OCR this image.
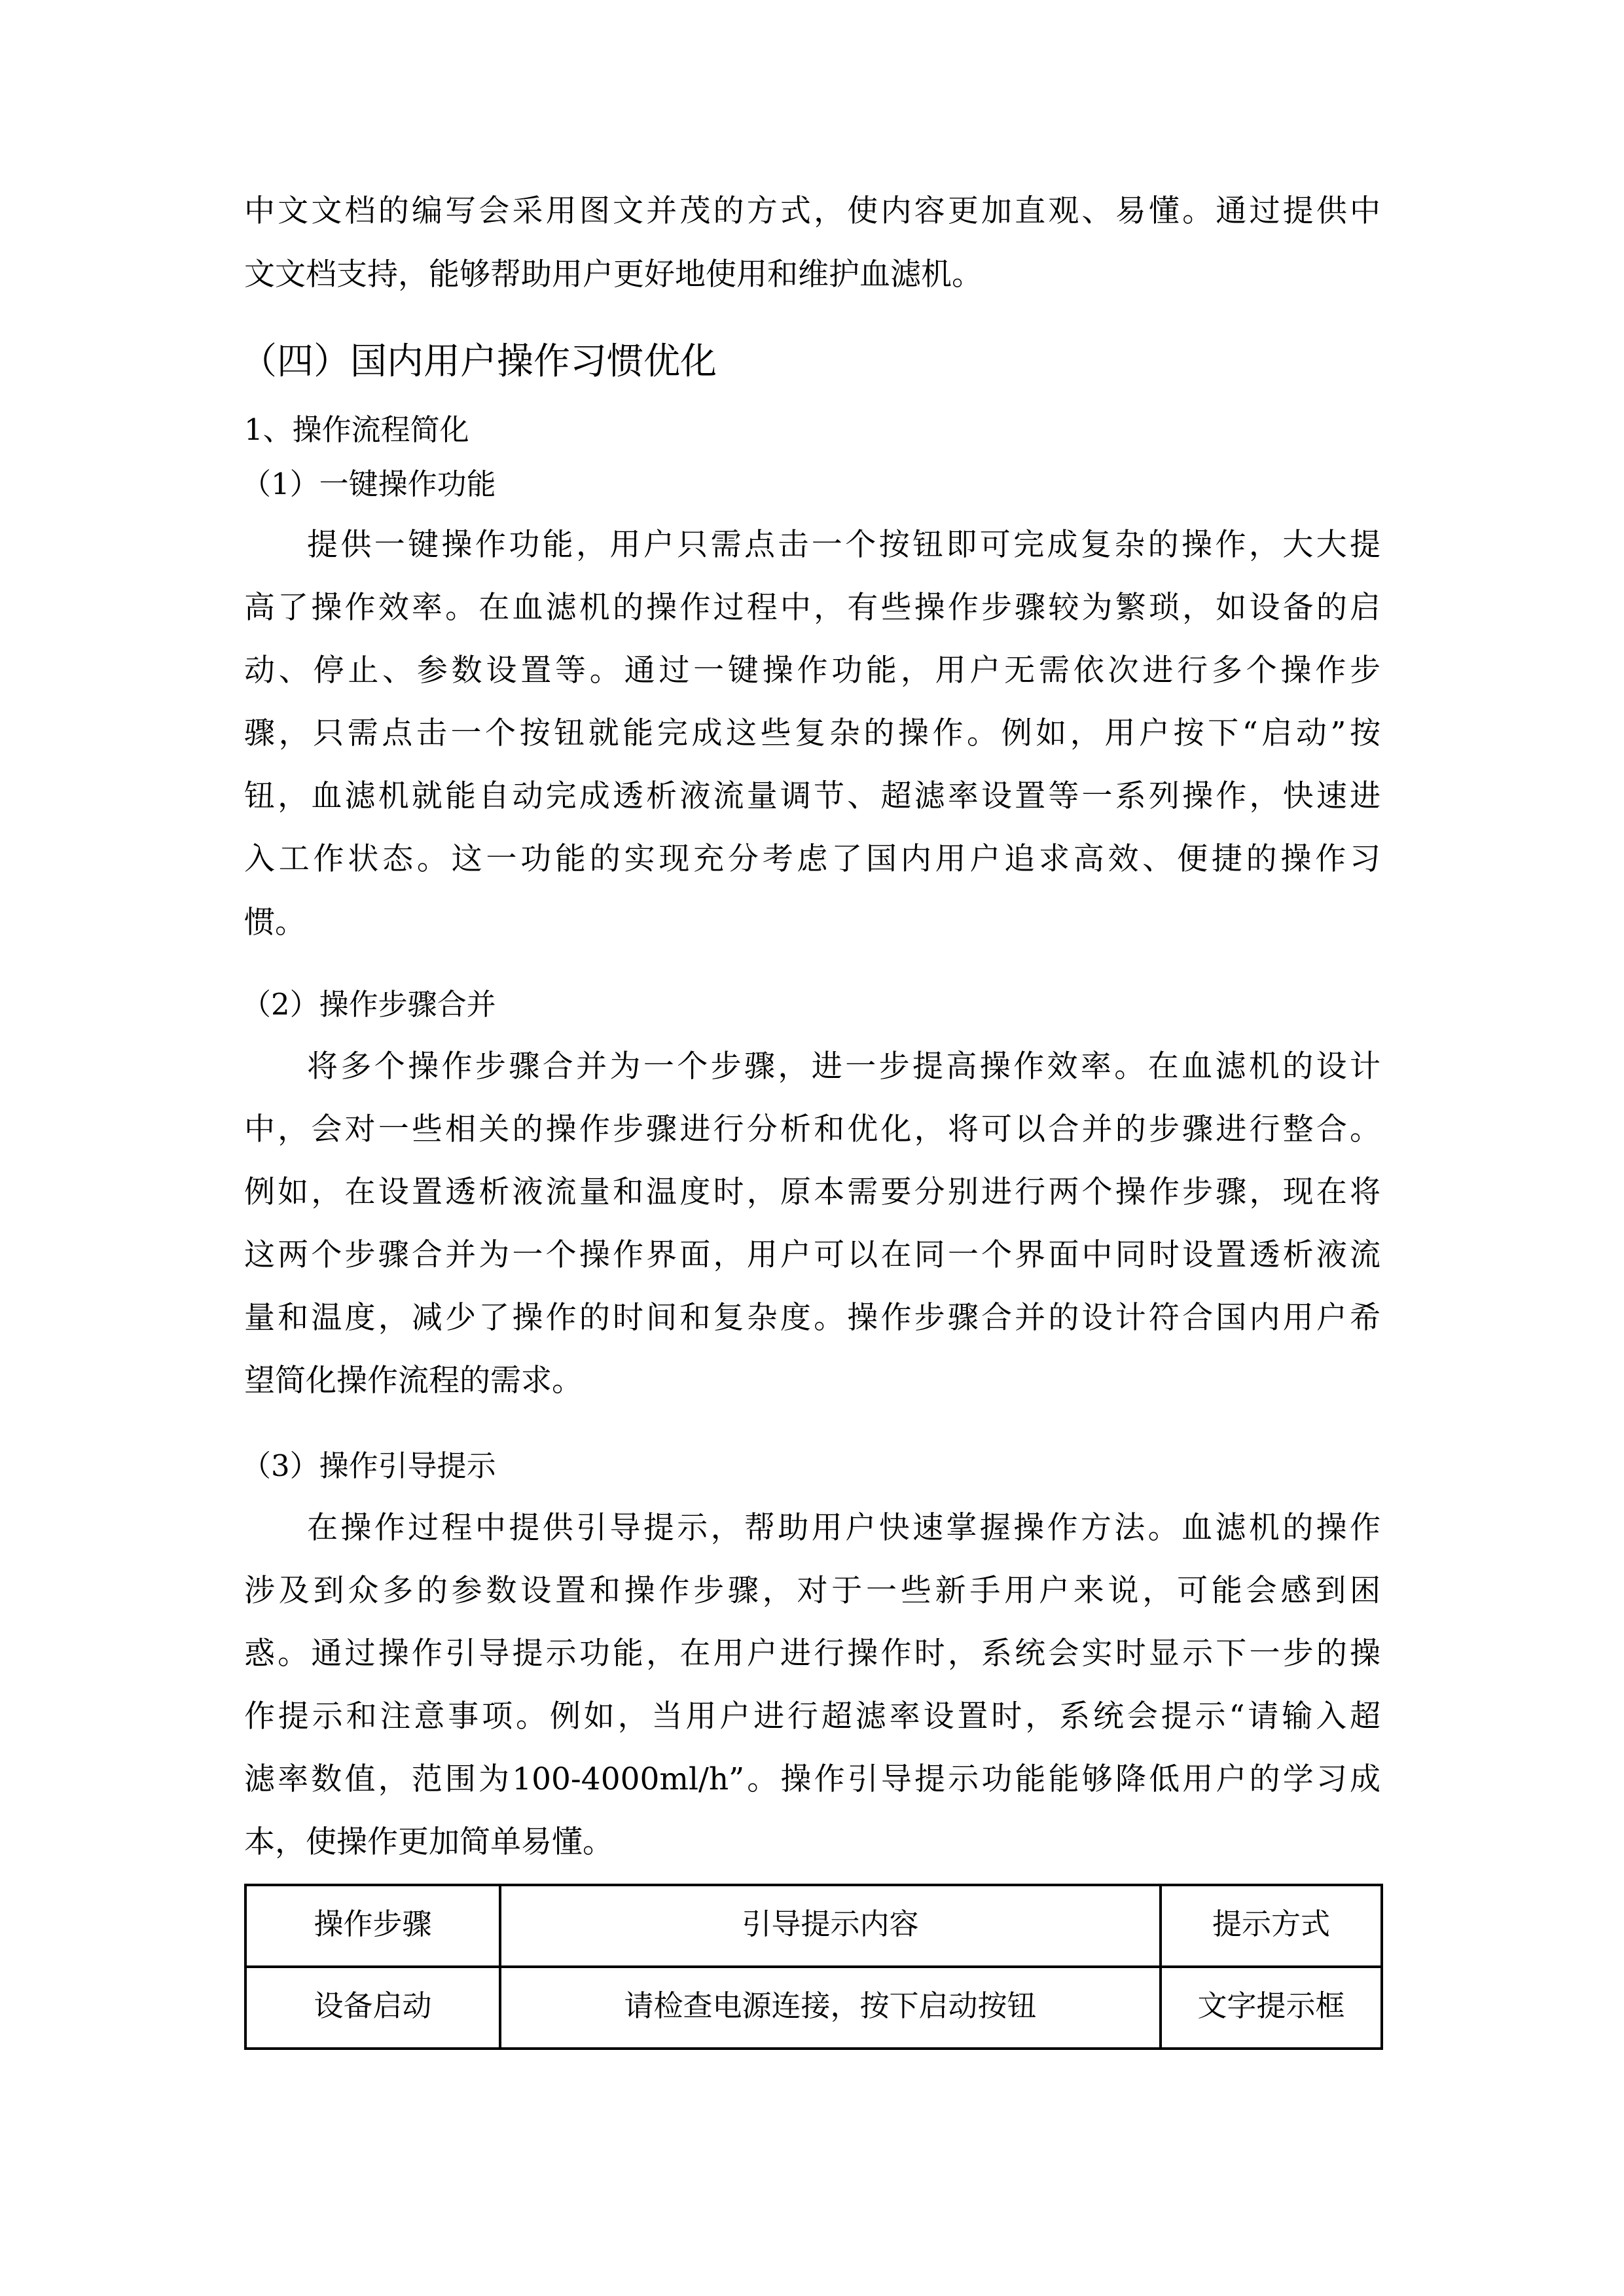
中文文档的编写会采用图文并茂的方式，使内容更加直观、易懂。通过提供中
文文档支持，能够帮助用户更好地使用和维护血滤机。
（四）国内用户操作习惯优化
1、操作流程简化
（1）一键操作功能
提供一键操作功能，用户只需点击一个按钮即可完成复杂的操作，大大提
高了操作效率。在血滤机的操作过程中，有些操作步骤较为繁琐，如设备的启
动、停止、参数设置等。通过一键操作功能，用户无需依次进行多个操作步
骤，只需点击一个按钮就能完成这些复杂的操作。例如，用户按下“启动”按
钮，血滤机就能自动完成透析液流量调节、超滤率设置等一系列操作，快速进
入工作状态。这一功能的实现充分考虑了国内用户追求高效、便捷的操作习
惯。
（2）操作步骤合并
将多个操作步骤合并为一个步骤，进一步提高操作效率。在血滤机的设计
中，会对一些相关的操作步骤进行分析和优化，将可以合并的步骤进行整合。
例如，在设置透析液流量和温度时，原本需要分别进行两个操作步骤，现在将
这两个步骤合并为一个操作界面，用户可以在同一个界面中同时设置透析液流
量和温度，减少了操作的时间和复杂度。操作步骤合并的设计符合国内用户希
望简化操作流程的需求。
（3）操作引导提示
在操作过程中提供引导提示，帮助用户快速掌握操作方法。血滤机的操作
涉及到众多的参数设置和操作步骤，对于一些新手用户来说，可能会感到困
惑。通过操作引导提示功能，在用户进行操作时，系统会实时显示下一步的操
作提示和注意事项。例如，当用户进行超滤率设置时，系统会提示“请输入超
滤率数值，范围为100-4000ml/h”。操作引导提示功能能够降低用户的学习成
本，使操作更加简单易懂。
操作步骤	引导提示内容	提示方式
设备启动	请检查电源连接，按下启动按钮	文字提示框
